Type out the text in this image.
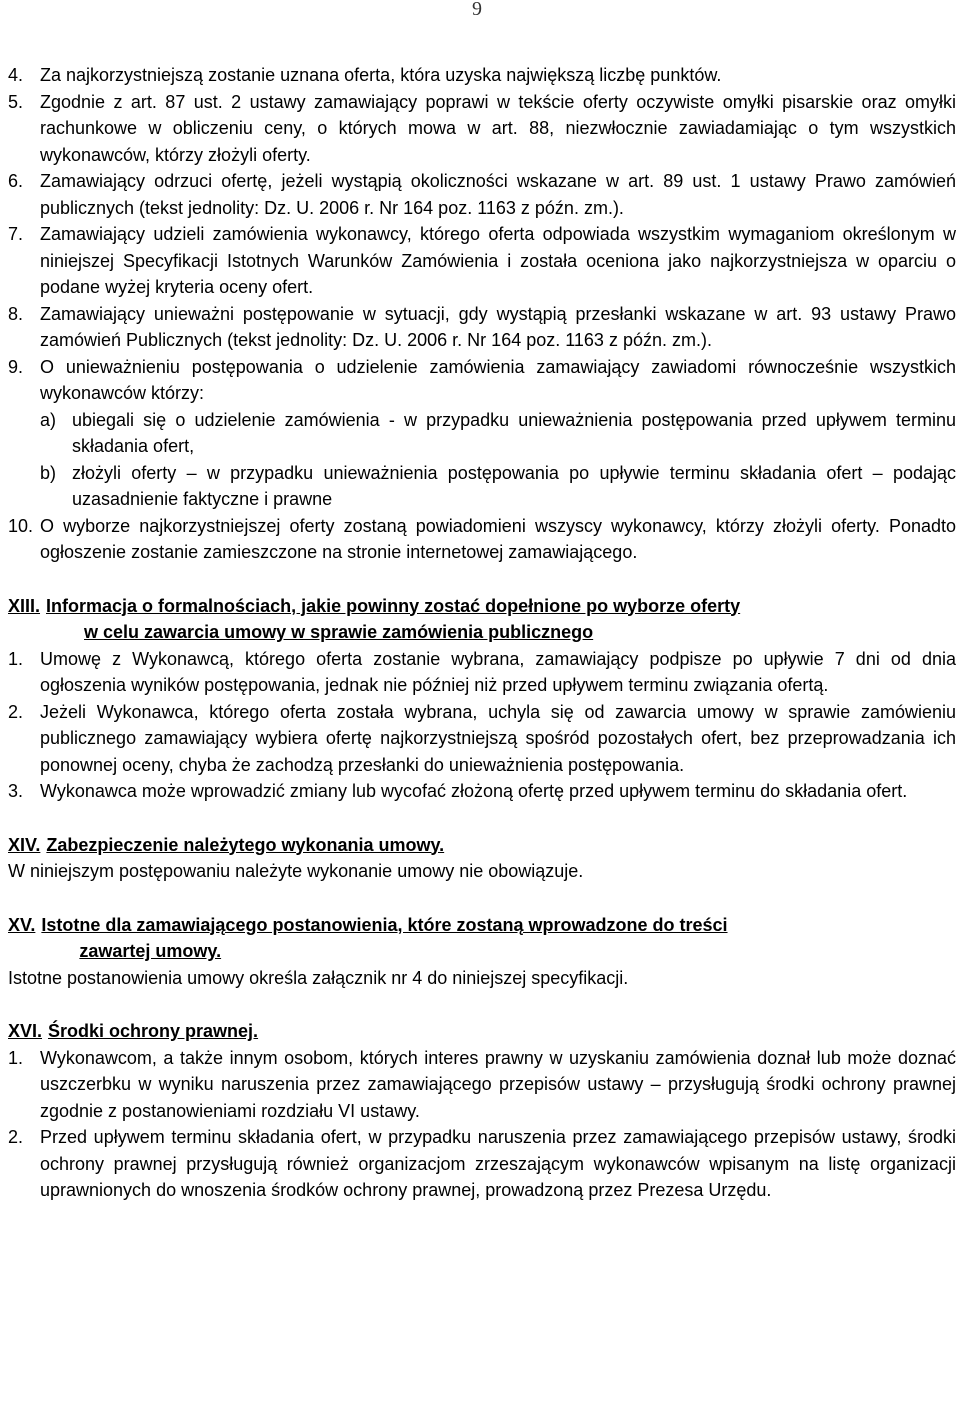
9
4. Za najkorzystniejszą zostanie uznana oferta, która uzyska największą liczbę punktów.
5. Zgodnie z art. 87 ust. 2 ustawy zamawiający poprawi w tekście oferty oczywiste omyłki pisarskie oraz omyłki rachunkowe w obliczeniu ceny, o których mowa w art. 88, niezwłocznie zawiadamiając o tym wszystkich wykonawców, którzy złożyli oferty.
6. Zamawiający odrzuci ofertę, jeżeli wystąpią okoliczności wskazane w art. 89 ust. 1 ustawy Prawo zamówień publicznych (tekst jednolity: Dz. U. 2006 r. Nr 164 poz. 1163 z późn. zm.).
7. Zamawiający udzieli zamówienia wykonawcy, którego oferta odpowiada wszystkim wymaganiom określonym w niniejszej Specyfikacji Istotnych Warunków Zamówienia i została oceniona jako najkorzystniejsza w oparciu o podane wyżej kryteria oceny ofert.
8. Zamawiający unieważni postępowanie w sytuacji, gdy wystąpią przesłanki wskazane w art. 93 ustawy Prawo zamówień Publicznych (tekst jednolity: Dz. U. 2006 r. Nr 164 poz. 1163 z późn. zm.).
9. O unieważnieniu postępowania o udzielenie zamówienia zamawiający zawiadomi równocześnie wszystkich wykonawców którzy:
a) ubiegali się o udzielenie zamówienia - w przypadku unieważnienia postępowania przed upływem terminu składania ofert,
b) złożyli oferty – w przypadku unieważnienia postępowania po upływie terminu składania ofert – podając uzasadnienie faktyczne i prawne
10. O wyborze najkorzystniejszej oferty zostaną powiadomieni wszyscy wykonawcy, którzy złożyli oferty. Ponadto ogłoszenie zostanie zamieszczone na stronie internetowej zamawiającego.
XIII. Informacja o formalnościach, jakie powinny zostać dopełnione po wyborze oferty
w celu zawarcia umowy w sprawie zamówienia publicznego
1. Umowę z Wykonawcą, którego oferta zostanie wybrana, zamawiający podpisze po upływie 7 dni od dnia ogłoszenia wyników postępowania, jednak nie później niż przed upływem terminu związania ofertą.
2. Jeżeli Wykonawca, którego oferta została wybrana, uchyla się od zawarcia umowy w sprawie zamówieniu publicznego zamawiający wybiera ofertę najkorzystniejszą spośród pozostałych ofert, bez przeprowadzania ich ponownej oceny, chyba że zachodzą przesłanki do unieważnienia postępowania.
3. Wykonawca może wprowadzić zmiany lub wycofać złożoną ofertę przed upływem terminu do składania ofert.
XIV. Zabezpieczenie należytego wykonania umowy.

W niniejszym postępowaniu należyte wykonanie umowy nie obowiązuje.

XV. Istotne dla zamawiającego postanowienia, które zostaną wprowadzone do treści
zawartej umowy.

Istotne postanowienia umowy określa załącznik nr 4 do niniejszej specyfikacji.

XVI. Środki ochrony prawnej.
1. Wykonawcom, a także innym osobom, których interes prawny w uzyskaniu zamówienia doznał lub może doznać uszczerbku w wyniku naruszenia przez zamawiającego przepisów ustawy – przysługują środki ochrony prawnej zgodnie z postanowieniami rozdziału VI ustawy.
2. Przed upływem terminu składania ofert, w przypadku naruszenia przez zamawiającego przepisów ustawy, środki ochrony prawnej przysługują również organizacjom zrzeszającym wykonawców wpisanym na listę organizacji uprawnionych do wnoszenia środków ochrony prawnej, prowadzoną przez Prezesa Urzędu.
